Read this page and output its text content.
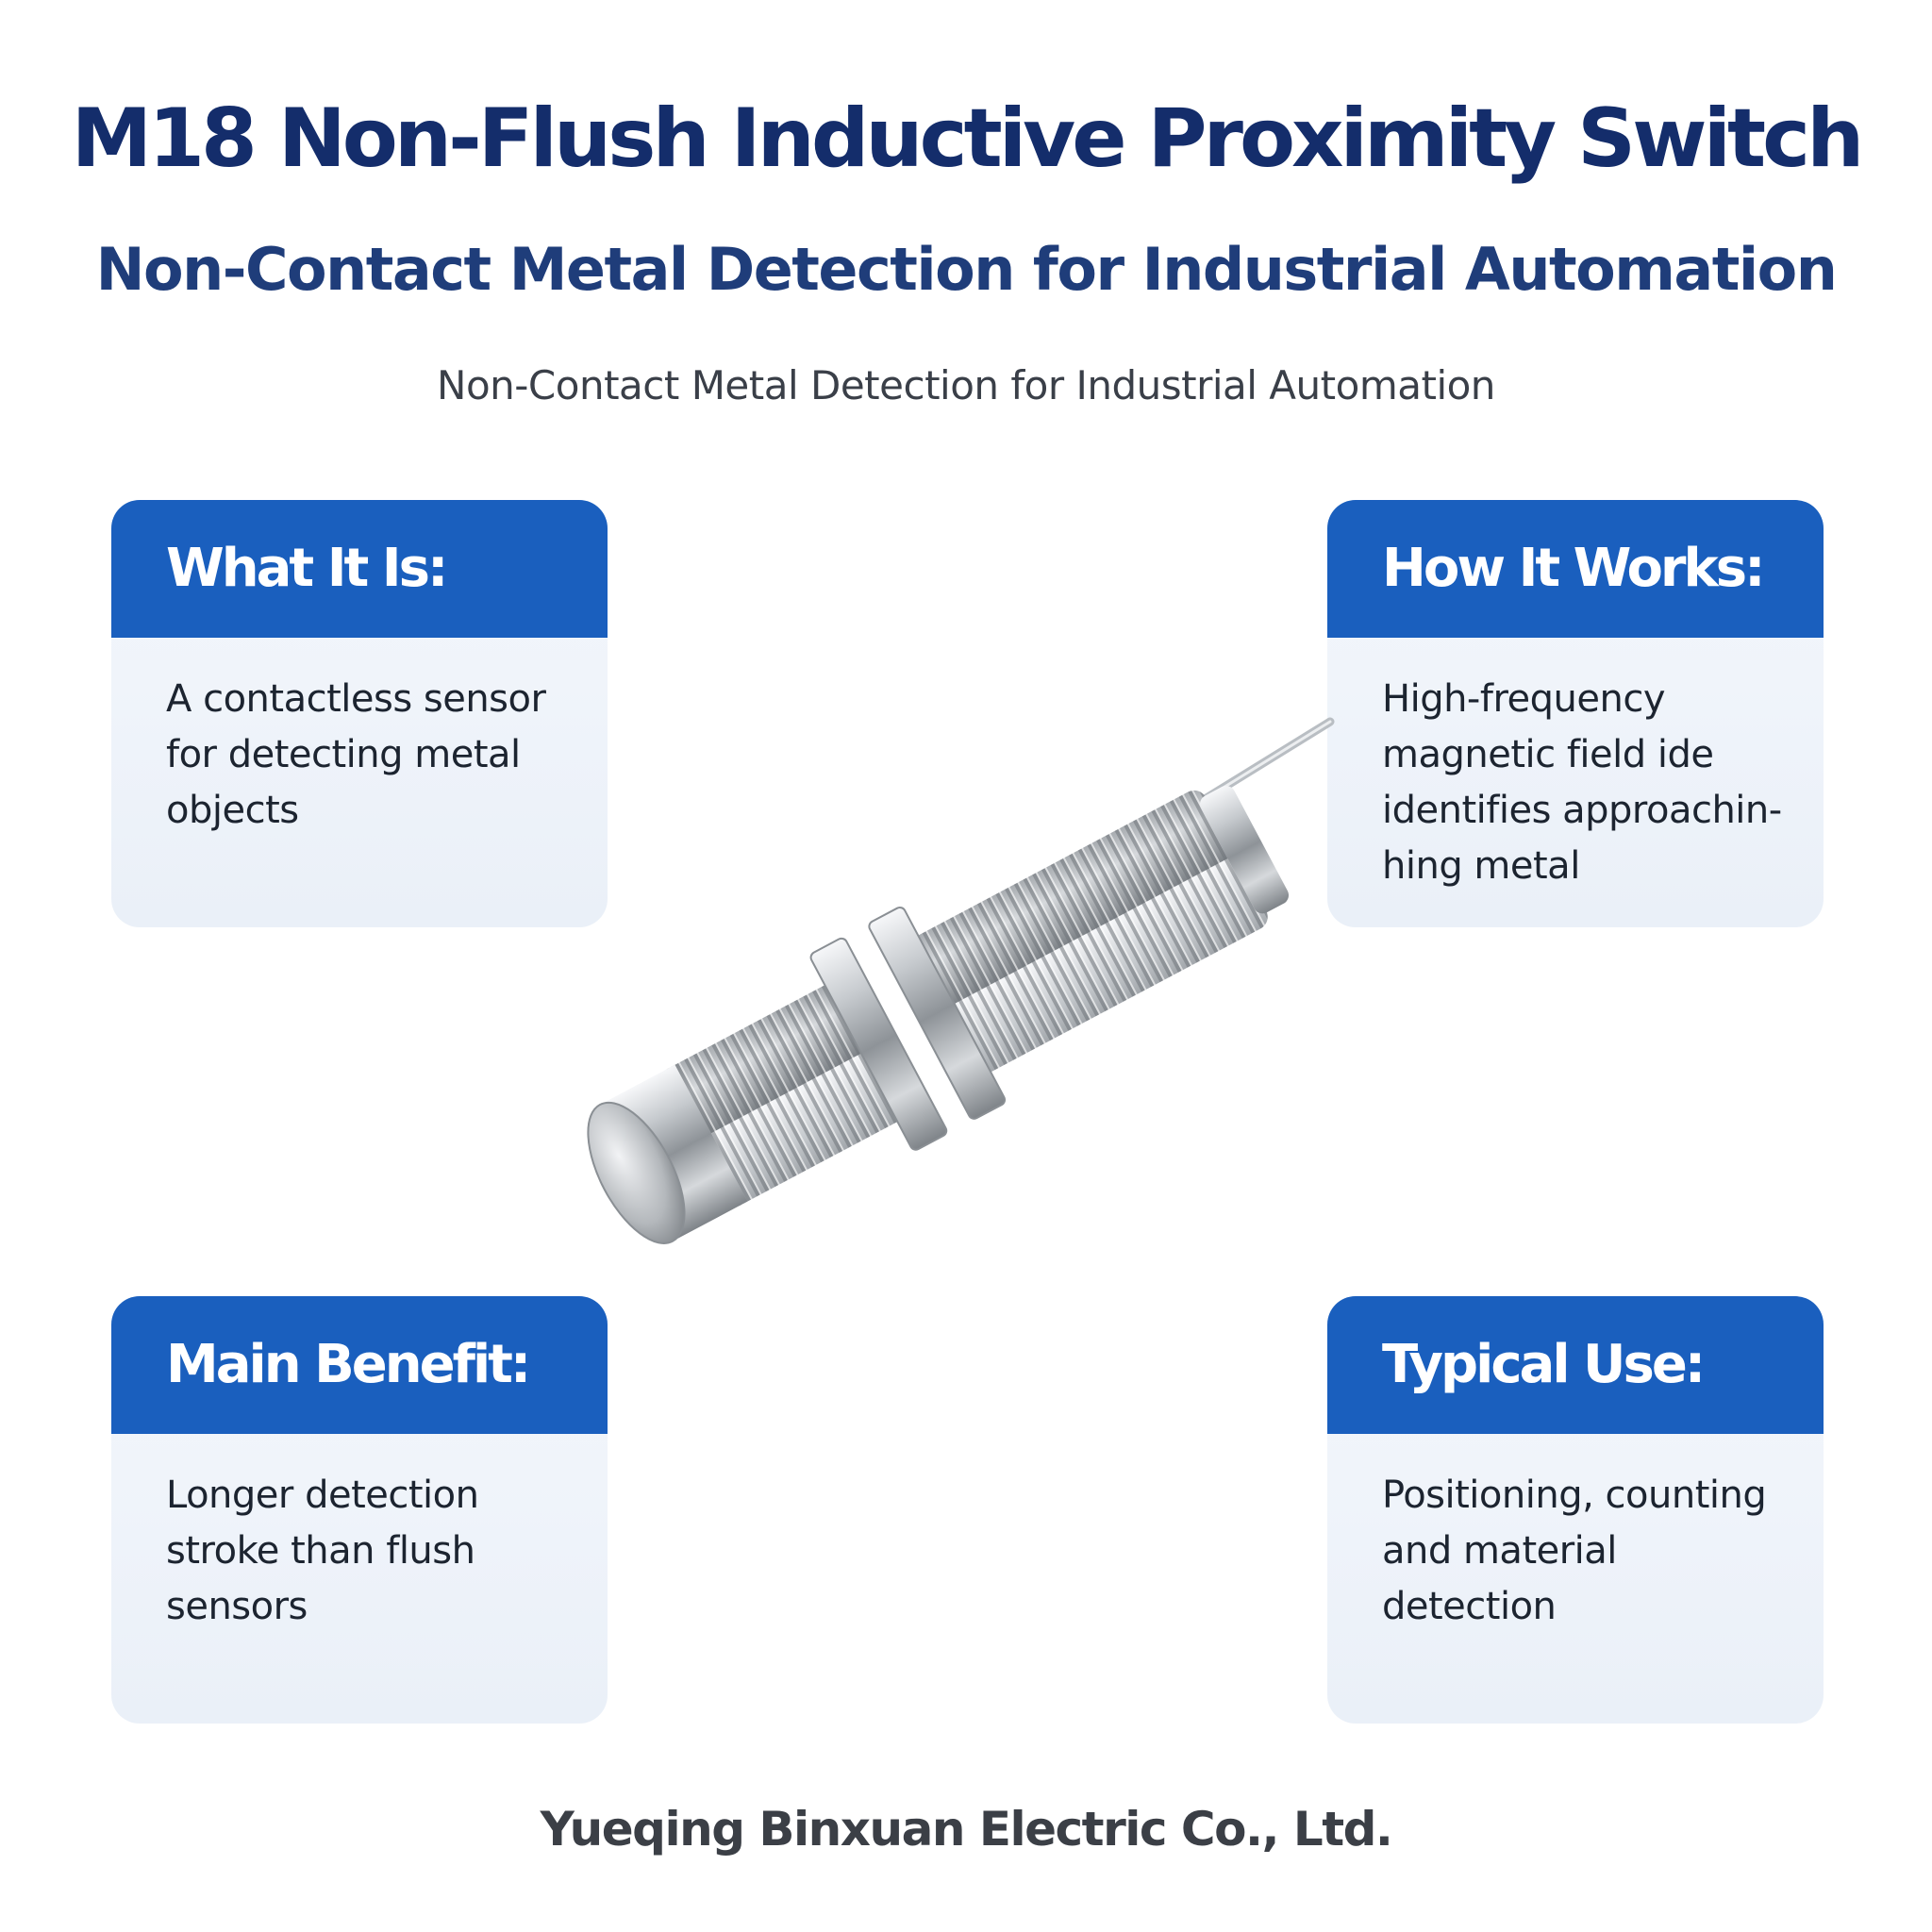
M18 Non-Flush Inductive Proximity Switch
Non-Contact Metal Detection for Industrial Automation

Non-Contact Metal Detection for Industrial Automation

What It Is:
A contactless sensor
for detecting metal
objects
How It Works:
High-frequency
magnetic field ide
identifies approachin-
hing metal
Main Benefit:
Longer detection
stroke than flush
sensors
Typical Use:
Positioning, counting
and material
detection

Yueqing Binxuan Electric Co., Ltd.
